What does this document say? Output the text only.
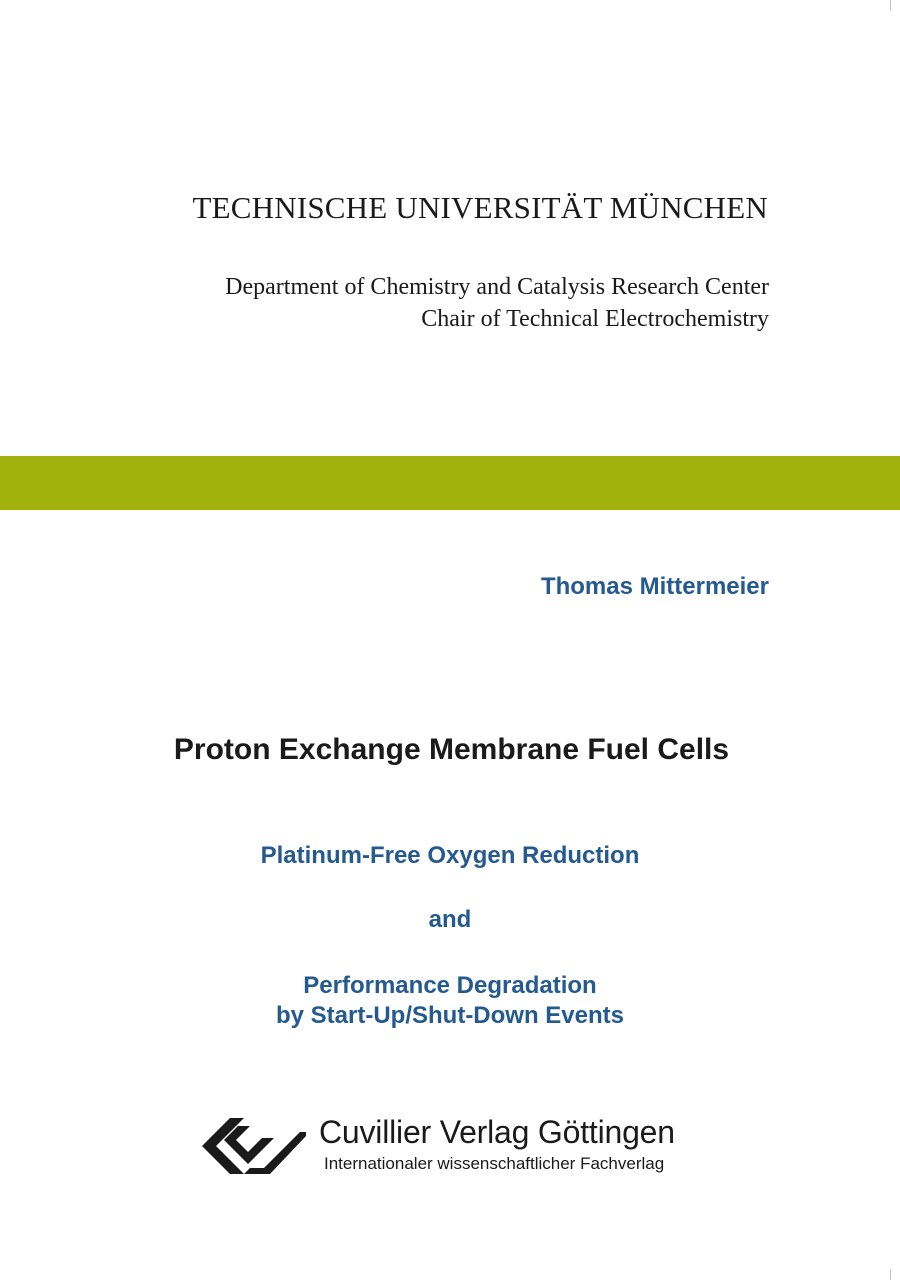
TECHNISCHE UNIVERSITÄT MÜNCHEN
Department of Chemistry and Catalysis Research Center
Chair of Technical Electrochemistry
Thomas Mittermeier
Proton Exchange Membrane Fuel Cells
Platinum-Free Oxygen Reduction
and
Performance Degradation
by Start-Up/Shut-Down Events
Cuvillier Verlag Göttingen
Internationaler wissenschaftlicher Fachverlag
